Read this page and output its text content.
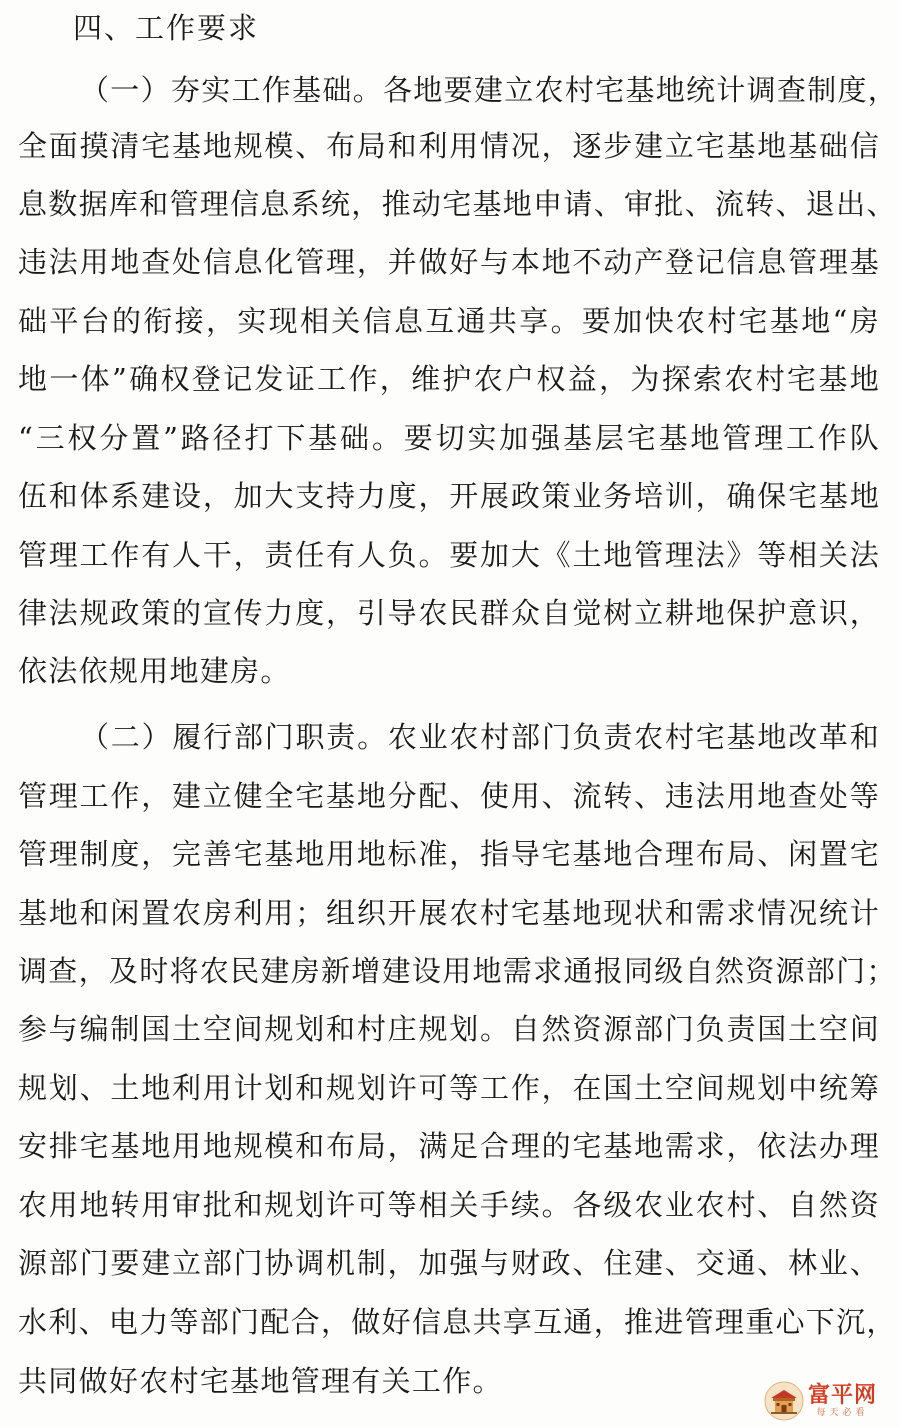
四、工作要求
（一）夯实工作基础。各地要建立农村宅基地统计调查制度，
全面摸清宅基地规模、布局和利用情况，逐步建立宅基地基础信
息数据库和管理信息系统，推动宅基地申请、审批、流转、退出、
违法用地查处信息化管理，并做好与本地不动产登记信息管理基
础平台的衔接，实现相关信息互通共享。要加快农村宅基地“房
地一体”确权登记发证工作，维护农户权益，为探索农村宅基地
“三权分置”路径打下基础。要切实加强基层宅基地管理工作队
伍和体系建设，加大支持力度，开展政策业务培训，确保宅基地
管理工作有人干，责任有人负。要加大《土地管理法》等相关法
律法规政策的宣传力度，引导农民群众自觉树立耕地保护意识，
依法依规用地建房。
（二）履行部门职责。农业农村部门负责农村宅基地改革和
管理工作，建立健全宅基地分配、使用、流转、违法用地查处等
管理制度，完善宅基地用地标准，指导宅基地合理布局、闲置宅
基地和闲置农房利用；组织开展农村宅基地现状和需求情况统计
调查，及时将农民建房新增建设用地需求通报同级自然资源部门；
参与编制国土空间规划和村庄规划。自然资源部门负责国土空间
规划、土地利用计划和规划许可等工作，在国土空间规划中统筹
安排宅基地用地规模和布局，满足合理的宅基地需求，依法办理
农用地转用审批和规划许可等相关手续。各级农业农村、自然资
源部门要建立部门协调机制，加强与财政、住建、交通、林业、
水利、电力等部门配合，做好信息共享互通，推进管理重心下沉，
共同做好农村宅基地管理有关工作。	富平网
每天必看
